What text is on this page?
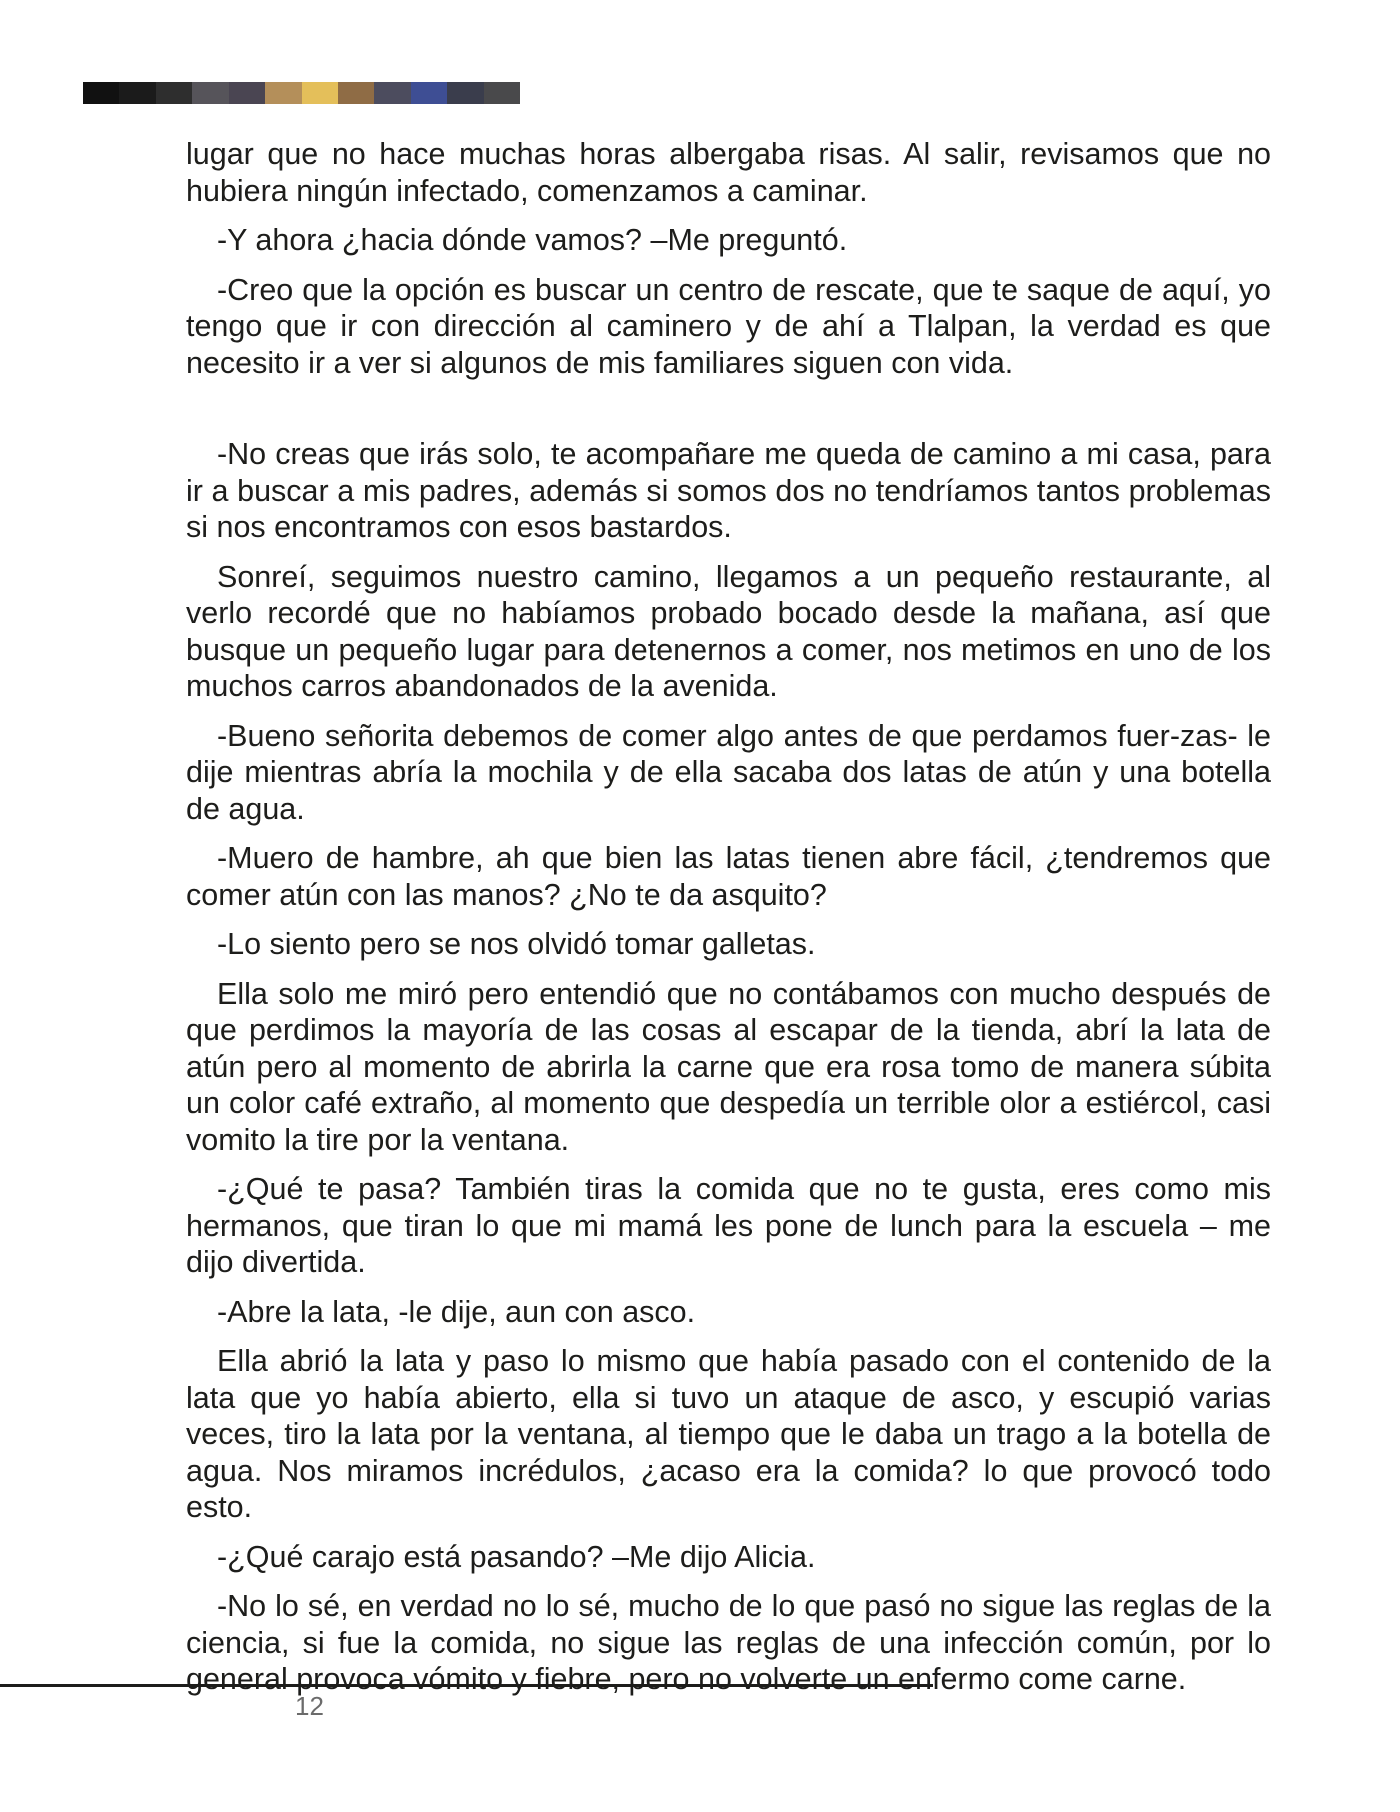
lugar que no hace muchas horas albergaba risas. Al salir, revisamos que no hubiera ningún infectado, comenzamos a caminar.

-Y ahora ¿hacia dónde vamos? –Me preguntó.

-Creo que la opción es buscar un centro de rescate, que te saque de aquí, yo tengo que ir con dirección al caminero y de ahí a Tlalpan, la verdad es que necesito ir a ver si algunos de mis familiares siguen con vida.

-No creas que irás solo, te acompañare me queda de camino a mi casa, para ir a buscar a mis padres, además si somos dos no tendríamos tantos problemas si nos encontramos con esos bastardos.

Sonreí, seguimos nuestro camino, llegamos a un pequeño restaurante, al verlo recordé que no habíamos probado bocado desde la mañana, así que busque un pequeño lugar para detenernos a comer, nos metimos en uno de los muchos carros abandonados de la avenida.

-Bueno señorita debemos de comer algo antes de que perdamos fuer-zas- le dije mientras abría la mochila y de ella sacaba dos latas de atún y una botella de agua.

-Muero de hambre, ah que bien las latas tienen abre fácil, ¿tendremos que comer atún con las manos? ¿No te da asquito?

-Lo siento pero se nos olvidó tomar galletas.

Ella solo me miró pero entendió que no contábamos con mucho después de que perdimos la mayoría de las cosas al escapar de la tienda, abrí la lata de atún pero al momento de abrirla la carne que era rosa tomo de manera súbita un color café extraño, al momento que despedía un terrible olor a estiércol, casi vomito la tire por la ventana.

-¿Qué te pasa? También tiras la comida que no te gusta, eres como mis hermanos, que tiran lo que mi mamá les pone de lunch para la escuela – me dijo divertida.

-Abre la lata, -le dije, aun con asco.

Ella abrió la lata y paso lo mismo que había pasado con el contenido de la lata que yo había abierto, ella si tuvo un ataque de asco, y escupió varias veces, tiro la lata por la ventana, al tiempo que le daba un trago a la botella de agua. Nos miramos incrédulos, ¿acaso era la comida? lo que provocó todo esto.

-¿Qué carajo está pasando? –Me dijo Alicia.

-No lo sé, en verdad no lo sé, mucho de lo que pasó no sigue las reglas de la ciencia, si fue la comida, no sigue las reglas de una infección común, por lo general provoca vómito y fiebre, pero no volverte un enfermo come carne.

12
